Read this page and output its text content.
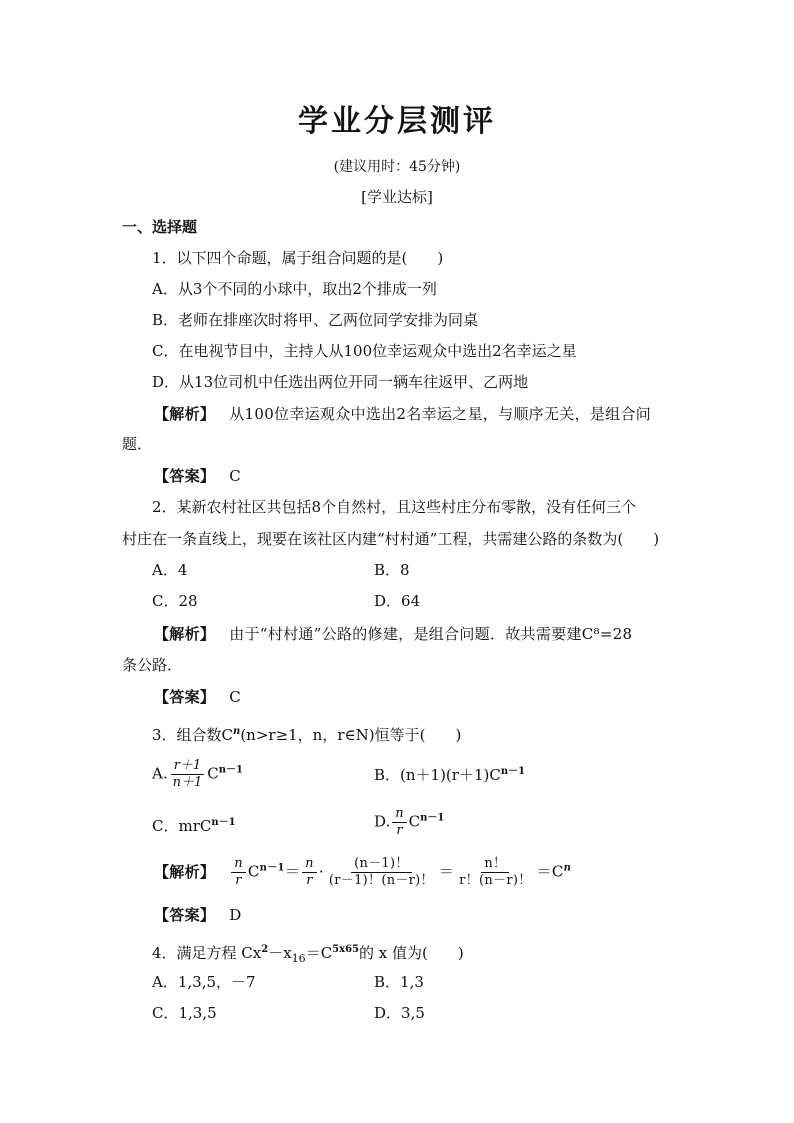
学业分层测评
(建议用时：45分钟)
[学业达标]
一、选择题
1．以下四个命题，属于组合问题的是(　　)
A．从3个不同的小球中，取出2个排成一列
B．老师在排座次时将甲、乙两位同学安排为同桌
C．在电视节目中，主持人从100位幸运观众中选出2名幸运之星
D．从13位司机中任选出两位开同一辆车往返甲、乙两地
【解析】 从100位幸运观众中选出2名幸运之星，与顺序无关，是组合问
题．
【答案】 C
2．某新农村社区共包括8个自然村，且这些村庄分布零散，没有任何三个
村庄在一条直线上，现要在该社区内建“村村通”工程，共需建公路的条数为(　　)
A．4	B．8
C．28	D．64
【解析】 由于“村村通”公路的修建，是组合问题．故共需要建C⁸=28
条公路．
【答案】 C
3．组合数$C^n(n>r\ge 1$，n，r∈N)恒等于(　　)
A. $\frac{r+1}{n+1} C^{n-1}$	B．$(n+1)(r+1)C^{n-1}$
C．mrC$^{n-1}$	D. $\frac{n}{r} C^{n-1}$
【解析】 $\frac{n}{r} C^{n-1}= \frac{n}{r} \cdot \frac{(n-1)!}{(r-1)!(n-r)!} = \frac{n!}{r!(n-r)!} =C^n$
【答案】 D
4．满足方程 $Cx^2-x_{16}=C^{5x65}$的 x 值为(　　)
A．1,3,5，－7	B．1,3
C．1,3,5	D．3,5
